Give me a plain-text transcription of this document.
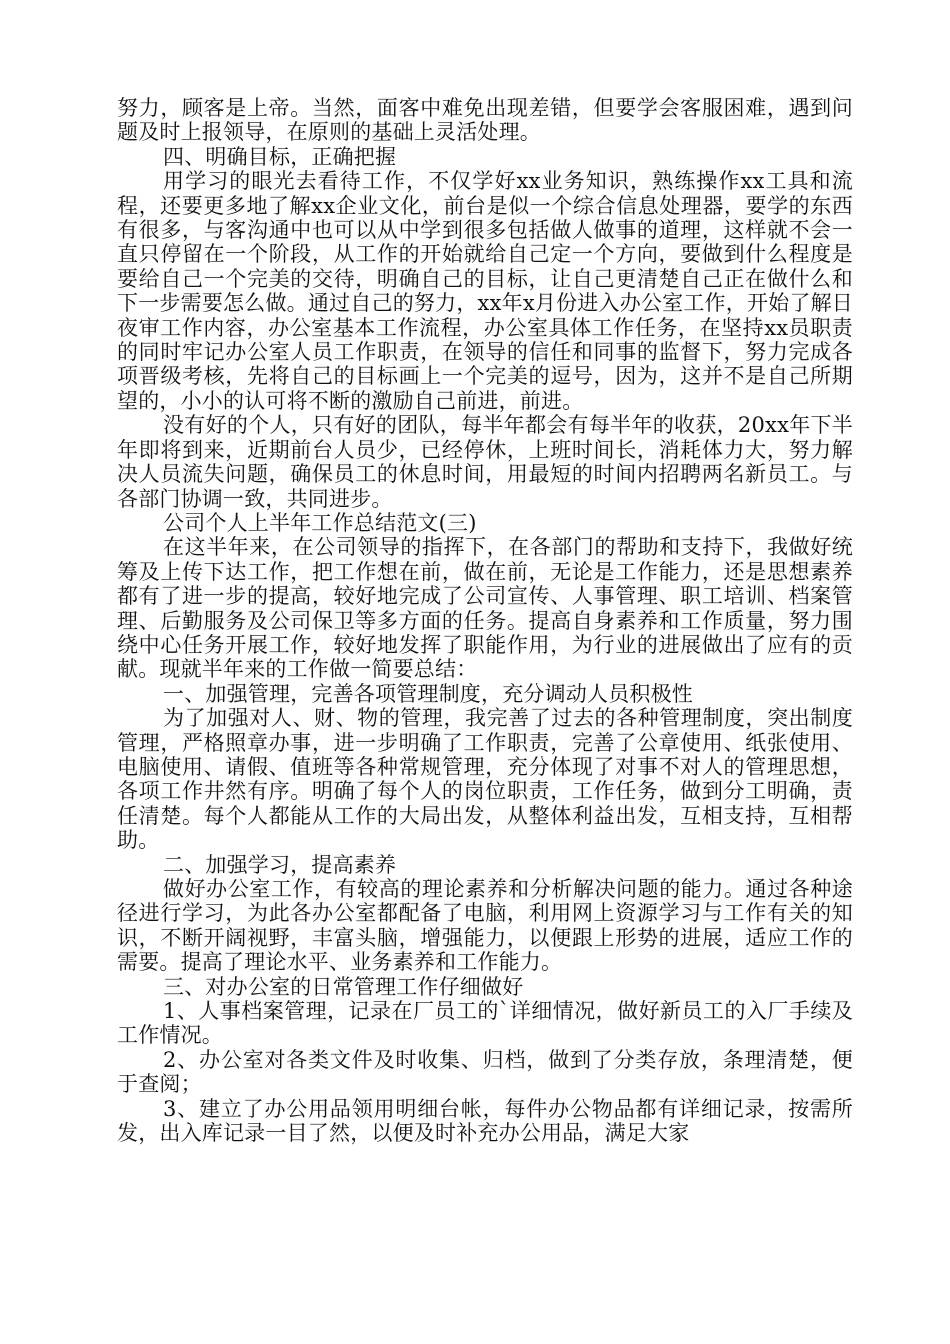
努力，顾客是上帝。当然，面客中难免出现差错，但要学会客服困难，遇到问题及时上报领导，在原则的基础上灵活处理。

四、明确目标，正确把握

用学习的眼光去看待工作，不仅学好xx业务知识，熟练操作xx工具和流程，还要更多地了解xx企业文化，前台是似一个综合信息处理器，要学的东西有很多，与客沟通中也可以从中学到很多包括做人做事的道理，这样就不会一直只停留在一个阶段，从工作的开始就给自己定一个方向，要做到什么程度是要给自己一个完美的交待，明确自己的目标，让自己更清楚自己正在做什么和下一步需要怎么做。通过自己的努力，xx年x月份进入办公室工作，开始了解日夜审工作内容，办公室基本工作流程，办公室具体工作任务，在坚持xx员职责的同时牢记办公室人员工作职责，在领导的信任和同事的监督下，努力完成各项晋级考核，先将自己的目标画上一个完美的逗号，因为，这并不是自己所期望的，小小的认可将不断的激励自己前进，前进。

没有好的个人，只有好的团队，每半年都会有每半年的收获，20xx年下半年即将到来，近期前台人员少，已经停休，上班时间长，消耗体力大，努力解决人员流失问题，确保员工的休息时间，用最短的时间内招聘两名新员工。与各部门协调一致，共同进步。

公司个人上半年工作总结范文(三)

在这半年来，在公司领导的指挥下，在各部门的帮助和支持下，我做好统筹及上传下达工作，把工作想在前，做在前，无论是工作能力，还是思想素养都有了进一步的提高，较好地完成了公司宣传、人事管理、职工培训、档案管理、后勤服务及公司保卫等多方面的任务。提高自身素养和工作质量，努力围绕中心任务开展工作，较好地发挥了职能作用，为行业的进展做出了应有的贡献。现就半年来的工作做一简要总结：

一、加强管理，完善各项管理制度，充分调动人员积极性

为了加强对人、财、物的管理，我完善了过去的各种管理制度，突出制度管理，严格照章办事，进一步明确了工作职责，完善了公章使用、纸张使用、电脑使用、请假、值班等各种常规管理，充分体现了对事不对人的管理思想，各项工作井然有序。明确了每个人的岗位职责，工作任务，做到分工明确，责任清楚。每个人都能从工作的大局出发，从整体利益出发，互相支持，互相帮助。

二、加强学习，提高素养

做好办公室工作，有较高的理论素养和分析解决问题的能力。通过各种途径进行学习，为此各办公室都配备了电脑，利用网上资源学习与工作有关的知识，不断开阔视野，丰富头脑，增强能力，以便跟上形势的进展，适应工作的需要。提高了理论水平、业务素养和工作能力。

三、对办公室的日常管理工作仔细做好

1、人事档案管理，记录在厂员工的`详细情况，做好新员工的入厂手续及工作情况。

2、办公室对各类文件及时收集、归档，做到了分类存放，条理清楚，便于查阅；

3、建立了办公用品领用明细台帐，每件办公物品都有详细记录，按需所发，出入库记录一目了然，以便及时补充办公用品，满足大家
